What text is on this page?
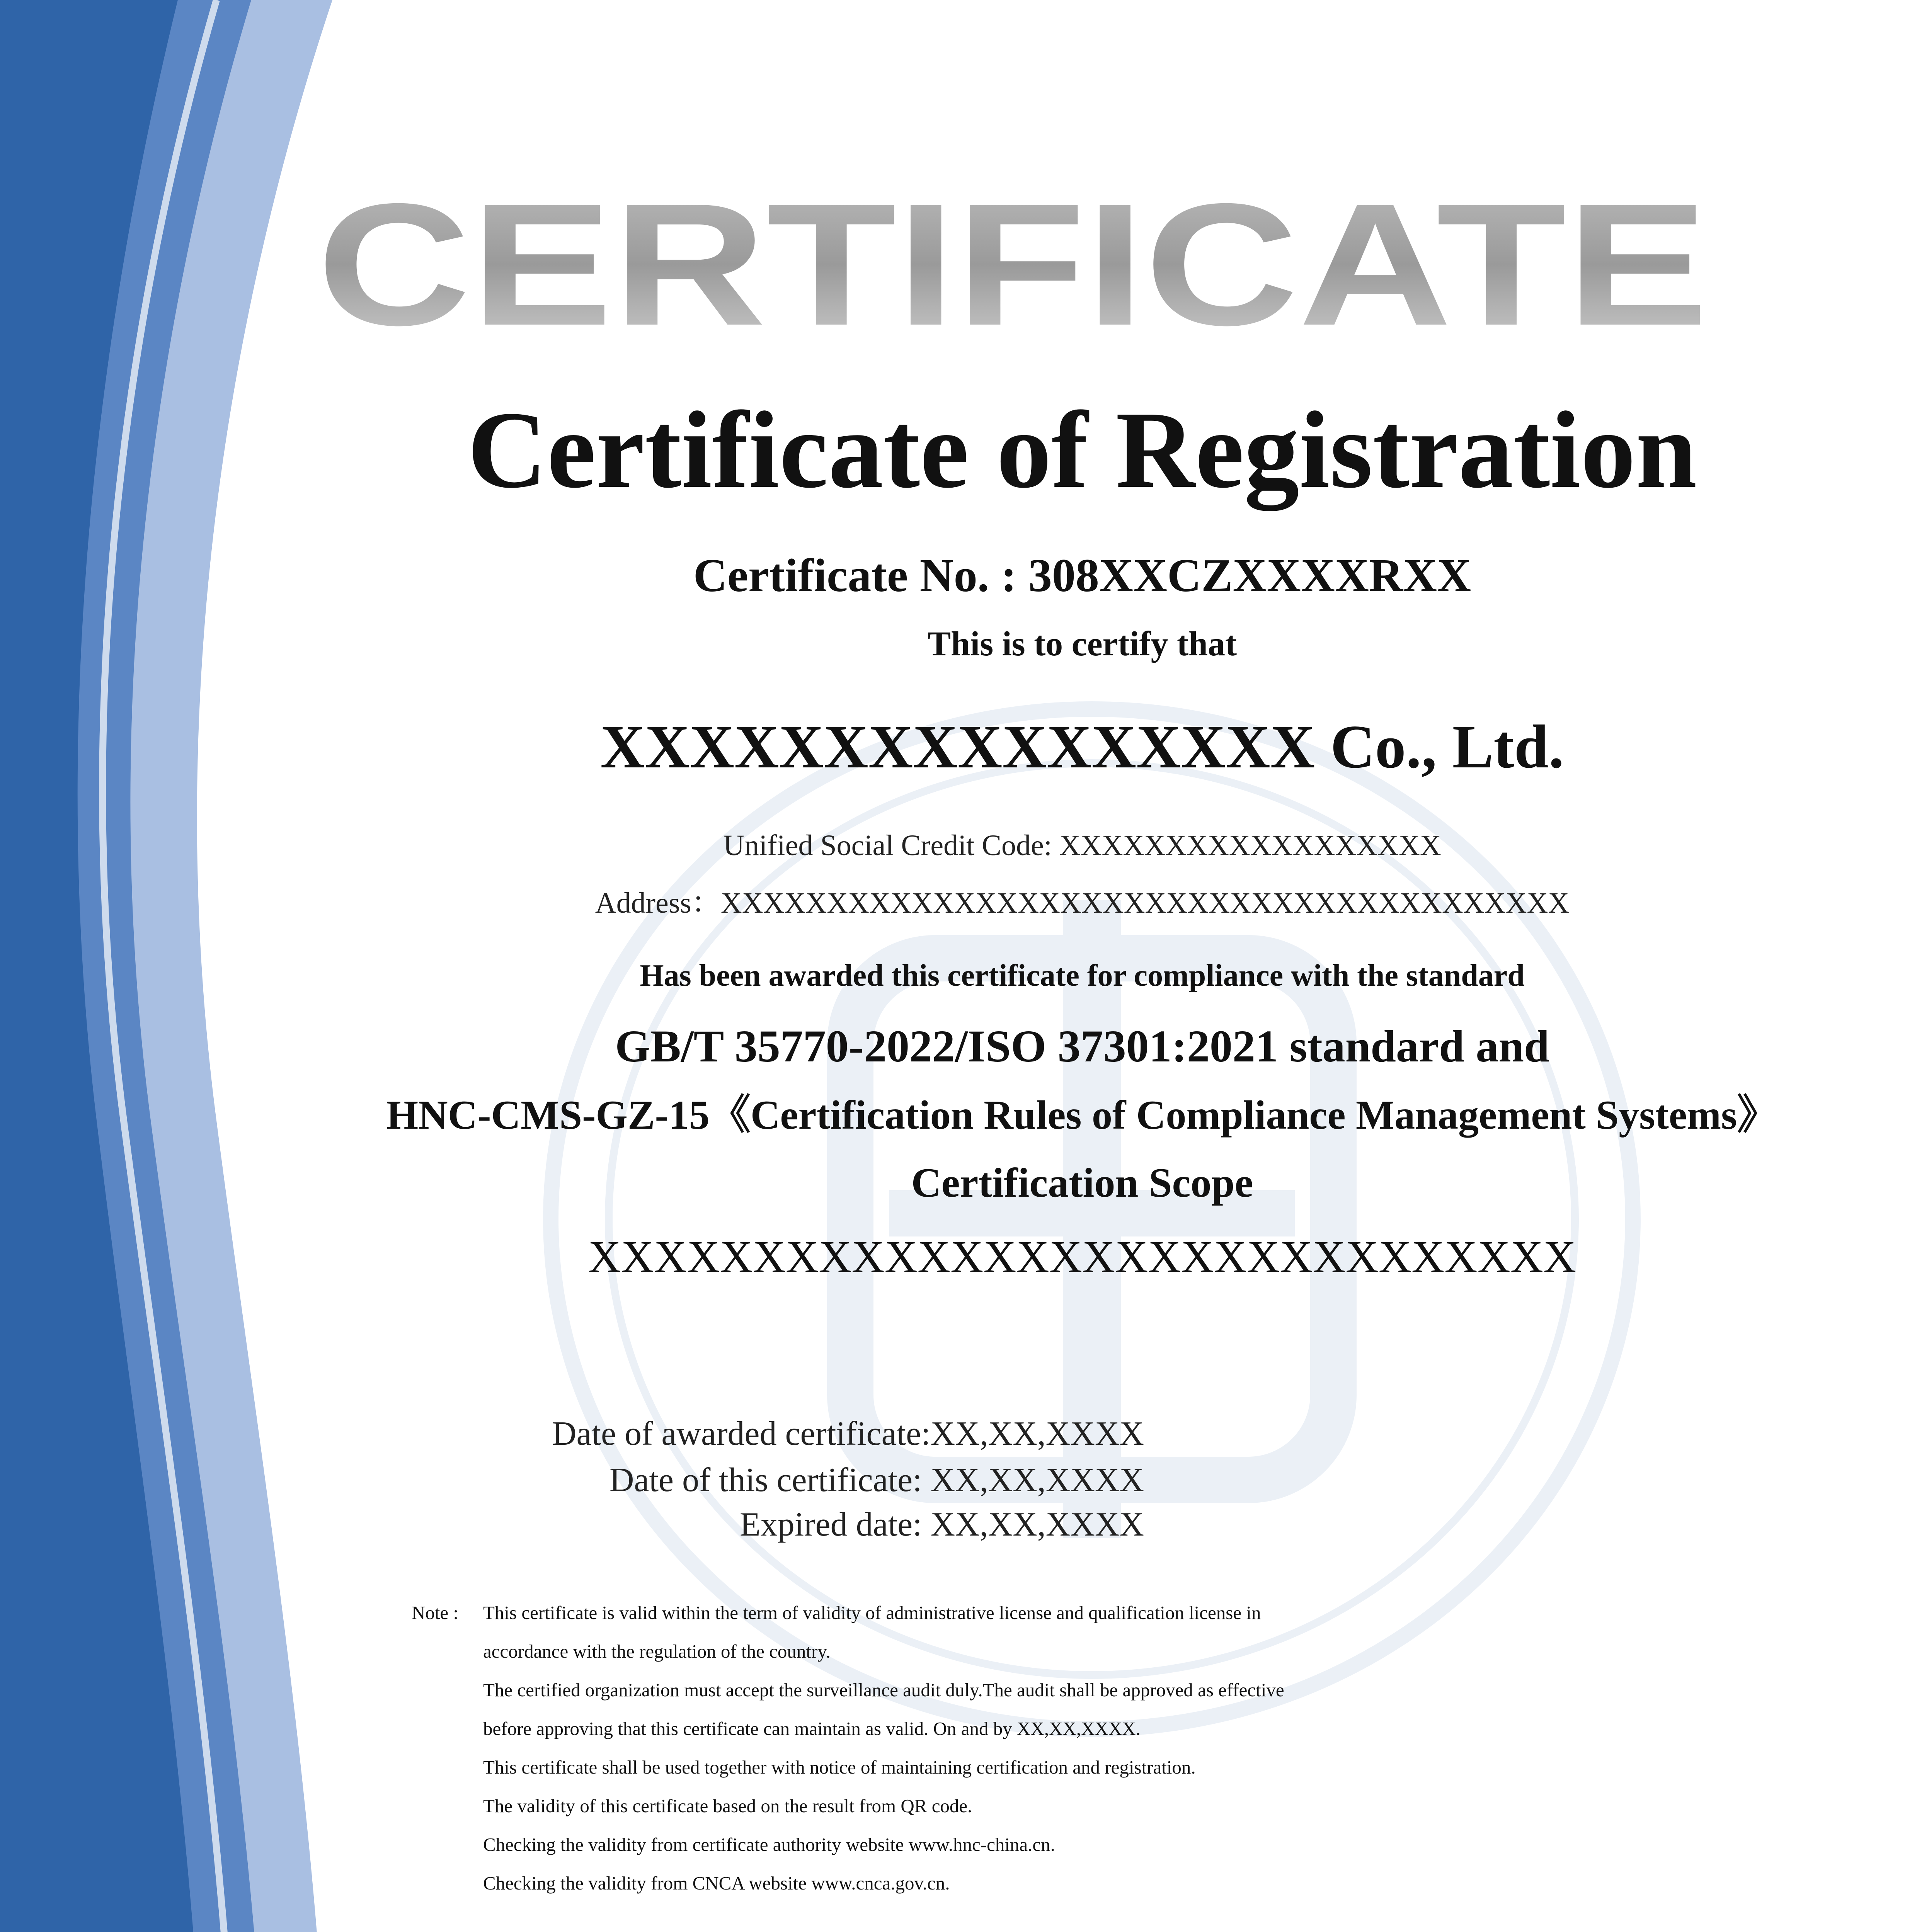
CERTIFICATE
Certificate of Registration
Certificate No. : 308XXCZXXXXRXX
This is to certify that
XXXXXXXXXXXXXXXX Co., Ltd.
Unified Social Credit Code: XXXXXXXXXXXXXXXXXX
Address：XXXXXXXXXXXXXXXXXXXXXXXXXXXXXXXXXXXXXXXX
Has been awarded this certificate for compliance with the standard
GB/T 35770-2022/ISO 37301:2021 standard and
HNC-CMS-GZ-15《Certification Rules of Compliance Management Systems》
Certification Scope
XXXXXXXXXXXXXXXXXXXXXXXXXXXXXX
Date of awarded certificate:XX,XX,XXXX
Date of this certificate: XX,XX,XXXX
Expired date: XX,XX,XXXX
Note : This certificate is valid within the term of validity of administrative license and qualification license in
accordance with the regulation of the country.
The certified organization must accept the surveillance audit duly.The audit shall be approved as effective
before approving that this certificate can maintain as valid. On and by XX,XX,XXXX.
This certificate shall be used together with notice of maintaining certification and registration.
The validity of this certificate based on the result from QR code.
Checking the validity from certificate authority website www.hnc-china.cn.
Checking the validity from CNCA website www.cnca.gov.cn.
